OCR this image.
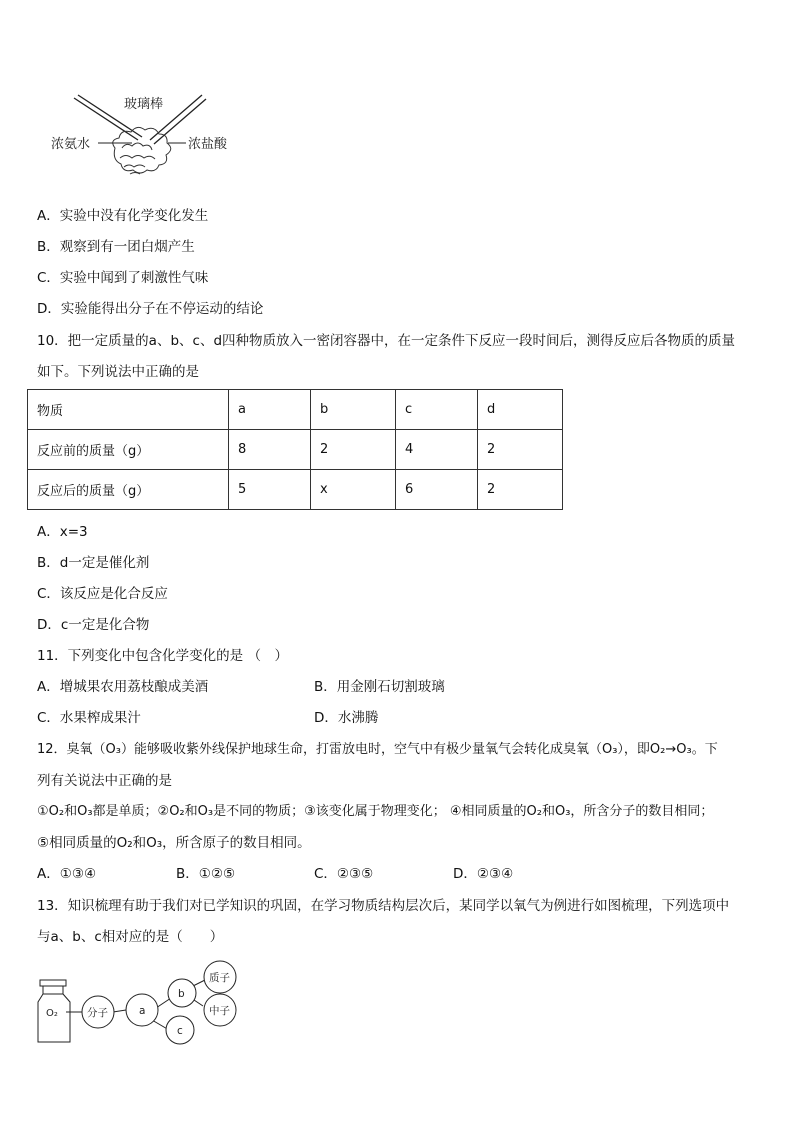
玻璃棒
浓氨水	浓盐酸
A．实验中没有化学变化发生
B．观察到有一团白烟产生
C．实验中闻到了刺激性气味
D．实验能得出分子在不停运动的结论
10．把一定质量的a、b、c、d四种物质放入一密闭容器中，在一定条件下反应一段时间后，测得反应后各物质的质量
如下。下列说法中正确的是
物质	a	b	c	d
反应前的质量（g）	8	2	4	2
反应后的质量（g）	5	x	6	2
A．x=3
B．d一定是催化剂
C．该反应是化合反应
D．c一定是化合物
11．下列变化中包含化学变化的是 （　）
A．增城果农用荔枝酿成美酒	B．用金刚石切割玻璃
C．水果榨成果汁	D．水沸腾
12．臭氧（O₃）能够吸收紫外线保护地球生命，打雷放电时，空气中有极少量氧气会转化成臭氧（O₃），即O₂→O₃。下
列有关说法中正确的是
①O₂和O₃都是单质；②O₂和O₃是不同的物质；③该变化属于物理变化； ④相同质量的O₂和O₃，所含分子的数目相同；
⑤相同质量的O₂和O₃，所含原子的数目相同。
A．①③④	B．①②⑤	C．②③⑤	D．②③④
13．知识梳理有助于我们对已学知识的巩固，在学习物质结构层次后，某同学以氧气为例进行如图梳理，下列选项中
与a、b、c相对应的是（　　）
O₂	分子	a
b
c
质子
中子
